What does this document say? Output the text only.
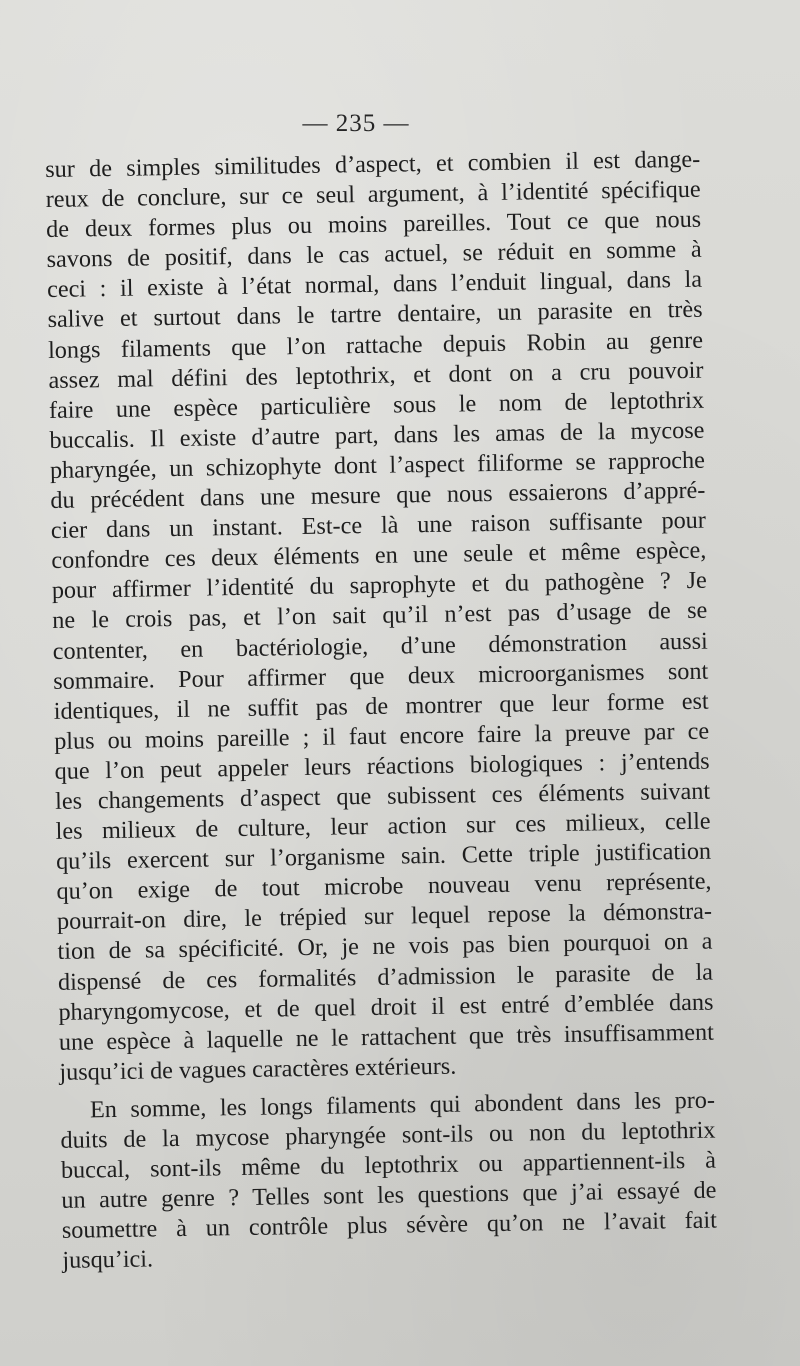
— 235 —
sur de simples similitudes d’aspect, et combien il est dange-
reux de conclure, sur ce seul argument, à l’identité spécifique
de deux formes plus ou moins pareilles. Tout ce que nous
savons de positif, dans le cas actuel, se réduit en somme à
ceci : il existe à l’état normal, dans l’enduit lingual, dans la
salive et surtout dans le tartre dentaire, un parasite en très
longs filaments que l’on rattache depuis Robin au genre
assez mal défini des leptothrix, et dont on a cru pouvoir
faire une espèce particulière sous le nom de leptothrix
buccalis. Il existe d’autre part, dans les amas de la mycose
pharyngée, un schizophyte dont l’aspect filiforme se rapproche
du précédent dans une mesure que nous essaierons d’appré-
cier dans un instant. Est-ce là une raison suffisante pour
confondre ces deux éléments en une seule et même espèce,
pour affirmer l’identité du saprophyte et du pathogène ? Je
ne le crois pas, et l’on sait qu’il n’est pas d’usage de se
contenter, en bactériologie, d’une démonstration aussi
sommaire. Pour affirmer que deux microorganismes sont
identiques, il ne suffit pas de montrer que leur forme est
plus ou moins pareille ; il faut encore faire la preuve par ce
que l’on peut appeler leurs réactions biologiques : j’entends
les changements d’aspect que subissent ces éléments suivant
les milieux de culture, leur action sur ces milieux, celle
qu’ils exercent sur l’organisme sain. Cette triple justification
qu’on exige de tout microbe nouveau venu représente,
pourrait-on dire, le trépied sur lequel repose la démonstra-
tion de sa spécificité. Or, je ne vois pas bien pourquoi on a
dispensé de ces formalités d’admission le parasite de la
pharyngomycose, et de quel droit il est entré d’emblée dans
une espèce à laquelle ne le rattachent que très insuffisamment
jusqu’ici de vagues caractères extérieurs.
En somme, les longs filaments qui abondent dans les pro-
duits de la mycose pharyngée sont-ils ou non du leptothrix
buccal, sont-ils même du leptothrix ou appartiennent-ils à
un autre genre ? Telles sont les questions que j’ai essayé de
soumettre à un contrôle plus sévère qu’on ne l’avait fait
jusqu’ici.
